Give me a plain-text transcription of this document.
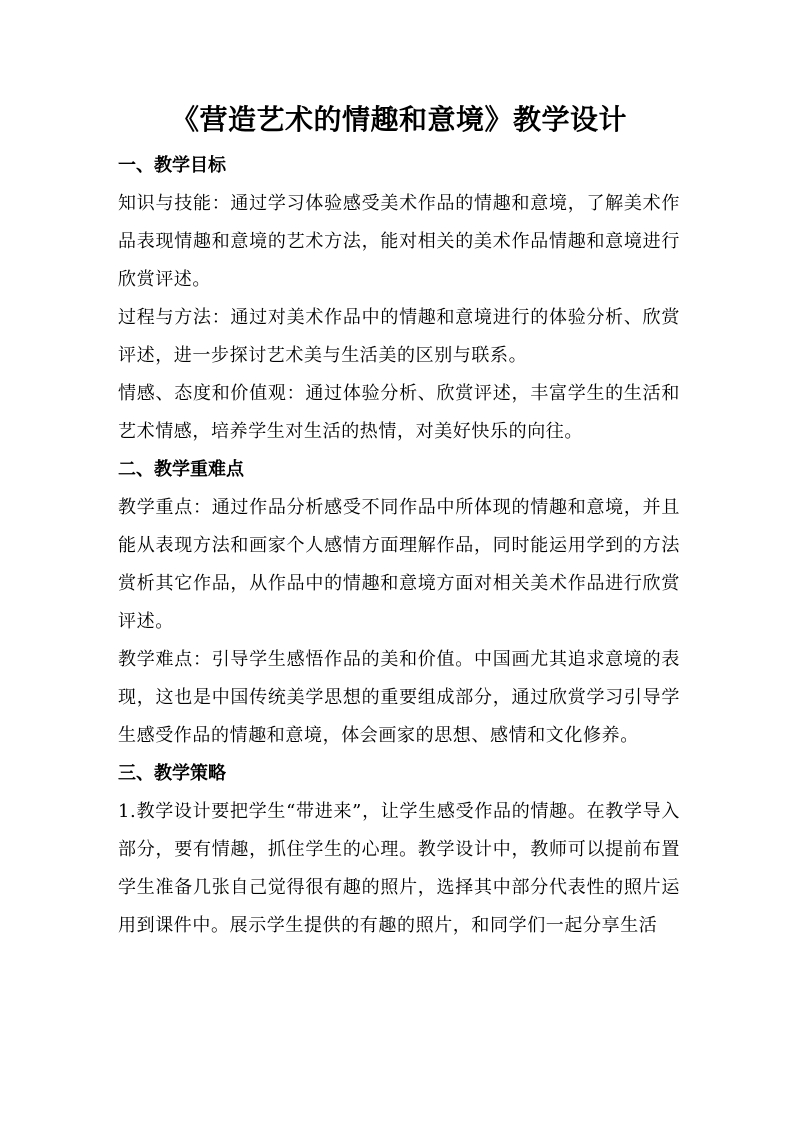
《营造艺术的情趣和意境》教学设计
一、教学目标

知识与技能：通过学习体验感受美术作品的情趣和意境，了解美术作品表现情趣和意境的艺术方法，能对相关的美术作品情趣和意境进行欣赏评述。

过程与方法：通过对美术作品中的情趣和意境进行的体验分析、欣赏评述，进一步探讨艺术美与生活美的区别与联系。

情感、态度和价值观：通过体验分析、欣赏评述，丰富学生的生活和艺术情感，培养学生对生活的热情，对美好快乐的向往。

二、教学重难点

教学重点：通过作品分析感受不同作品中所体现的情趣和意境，并且能从表现方法和画家个人感情方面理解作品，同时能运用学到的方法赏析其它作品，从作品中的情趣和意境方面对相关美术作品进行欣赏评述。

教学难点：引导学生感悟作品的美和价值。中国画尤其追求意境的表现，这也是中国传统美学思想的重要组成部分，通过欣赏学习引导学生感受作品的情趣和意境，体会画家的思想、感情和文化修养。

三、教学策略

1.教学设计要把学生“带进来”，让学生感受作品的情趣。在教学导入部分，要有情趣，抓住学生的心理。教学设计中，教师可以提前布置学生准备几张自己觉得很有趣的照片，选择其中部分代表性的照片运用到课件中。展示学生提供的有趣的照片，和同学们一起分享生活
